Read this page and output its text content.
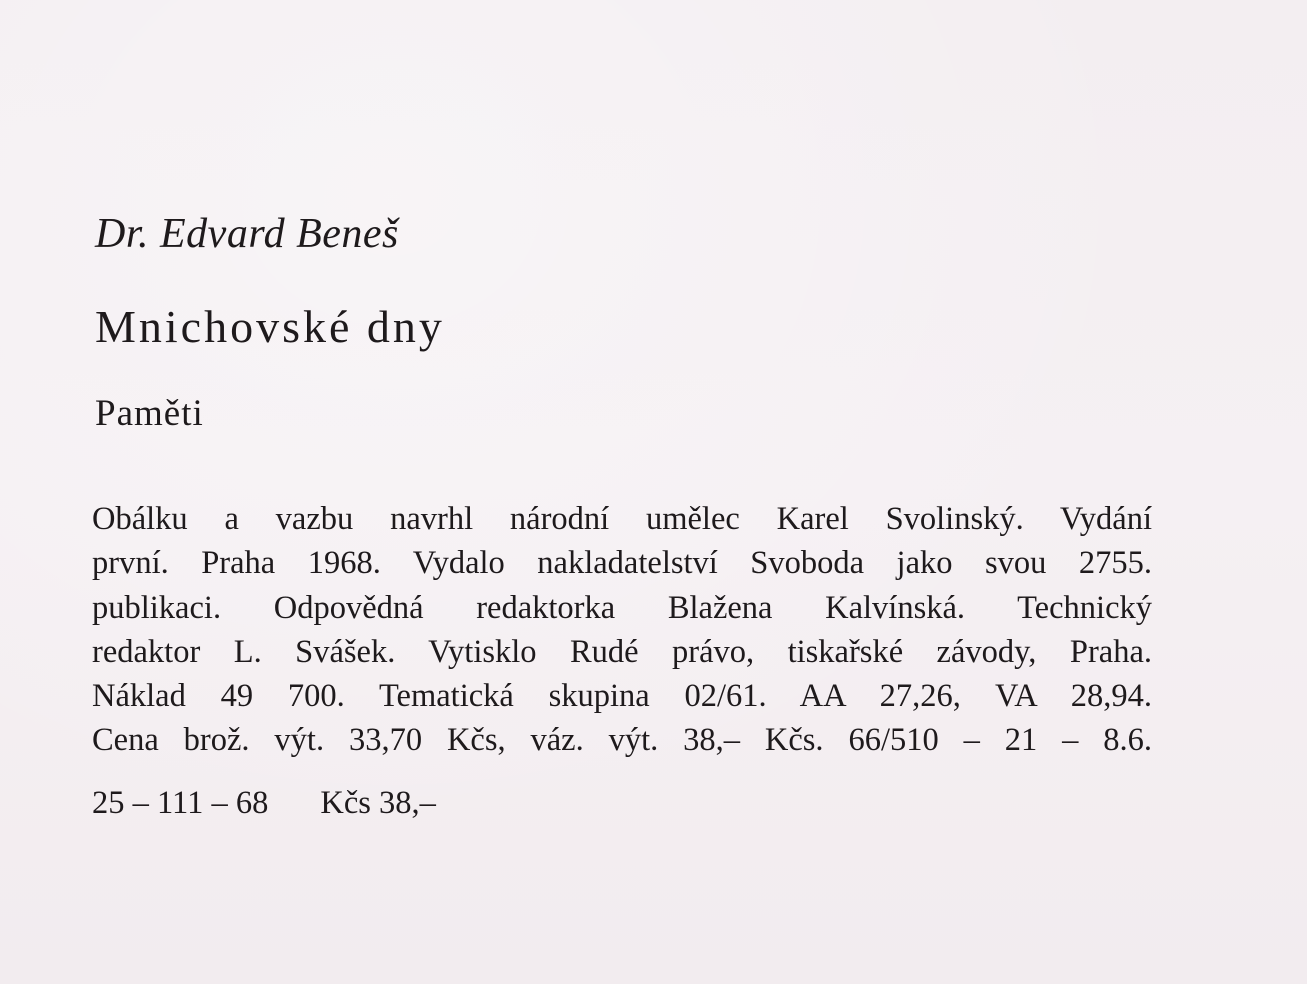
Dr. Edvard Beneš
Mnichovské dny
Paměti
Obálku a vazbu navrhl národní umělec Karel Svolinský. Vydání
první. Praha 1968. Vydalo nakladatelství Svoboda jako svou 2755.
publikaci. Odpovědná redaktorka Blažena Kalvínská. Technický
redaktor L. Svášek. Vytisklo Rudé právo, tiskařské závody, Praha.
Náklad 49 700. Tematická skupina 02/61. AA 27,26, VA 28,94.
Cena brož. výt. 33,70 Kčs, váz. výt. 38,– Kčs. 66/510 – 21 – 8.6.
25 – 111 – 68 Kčs 38,–
